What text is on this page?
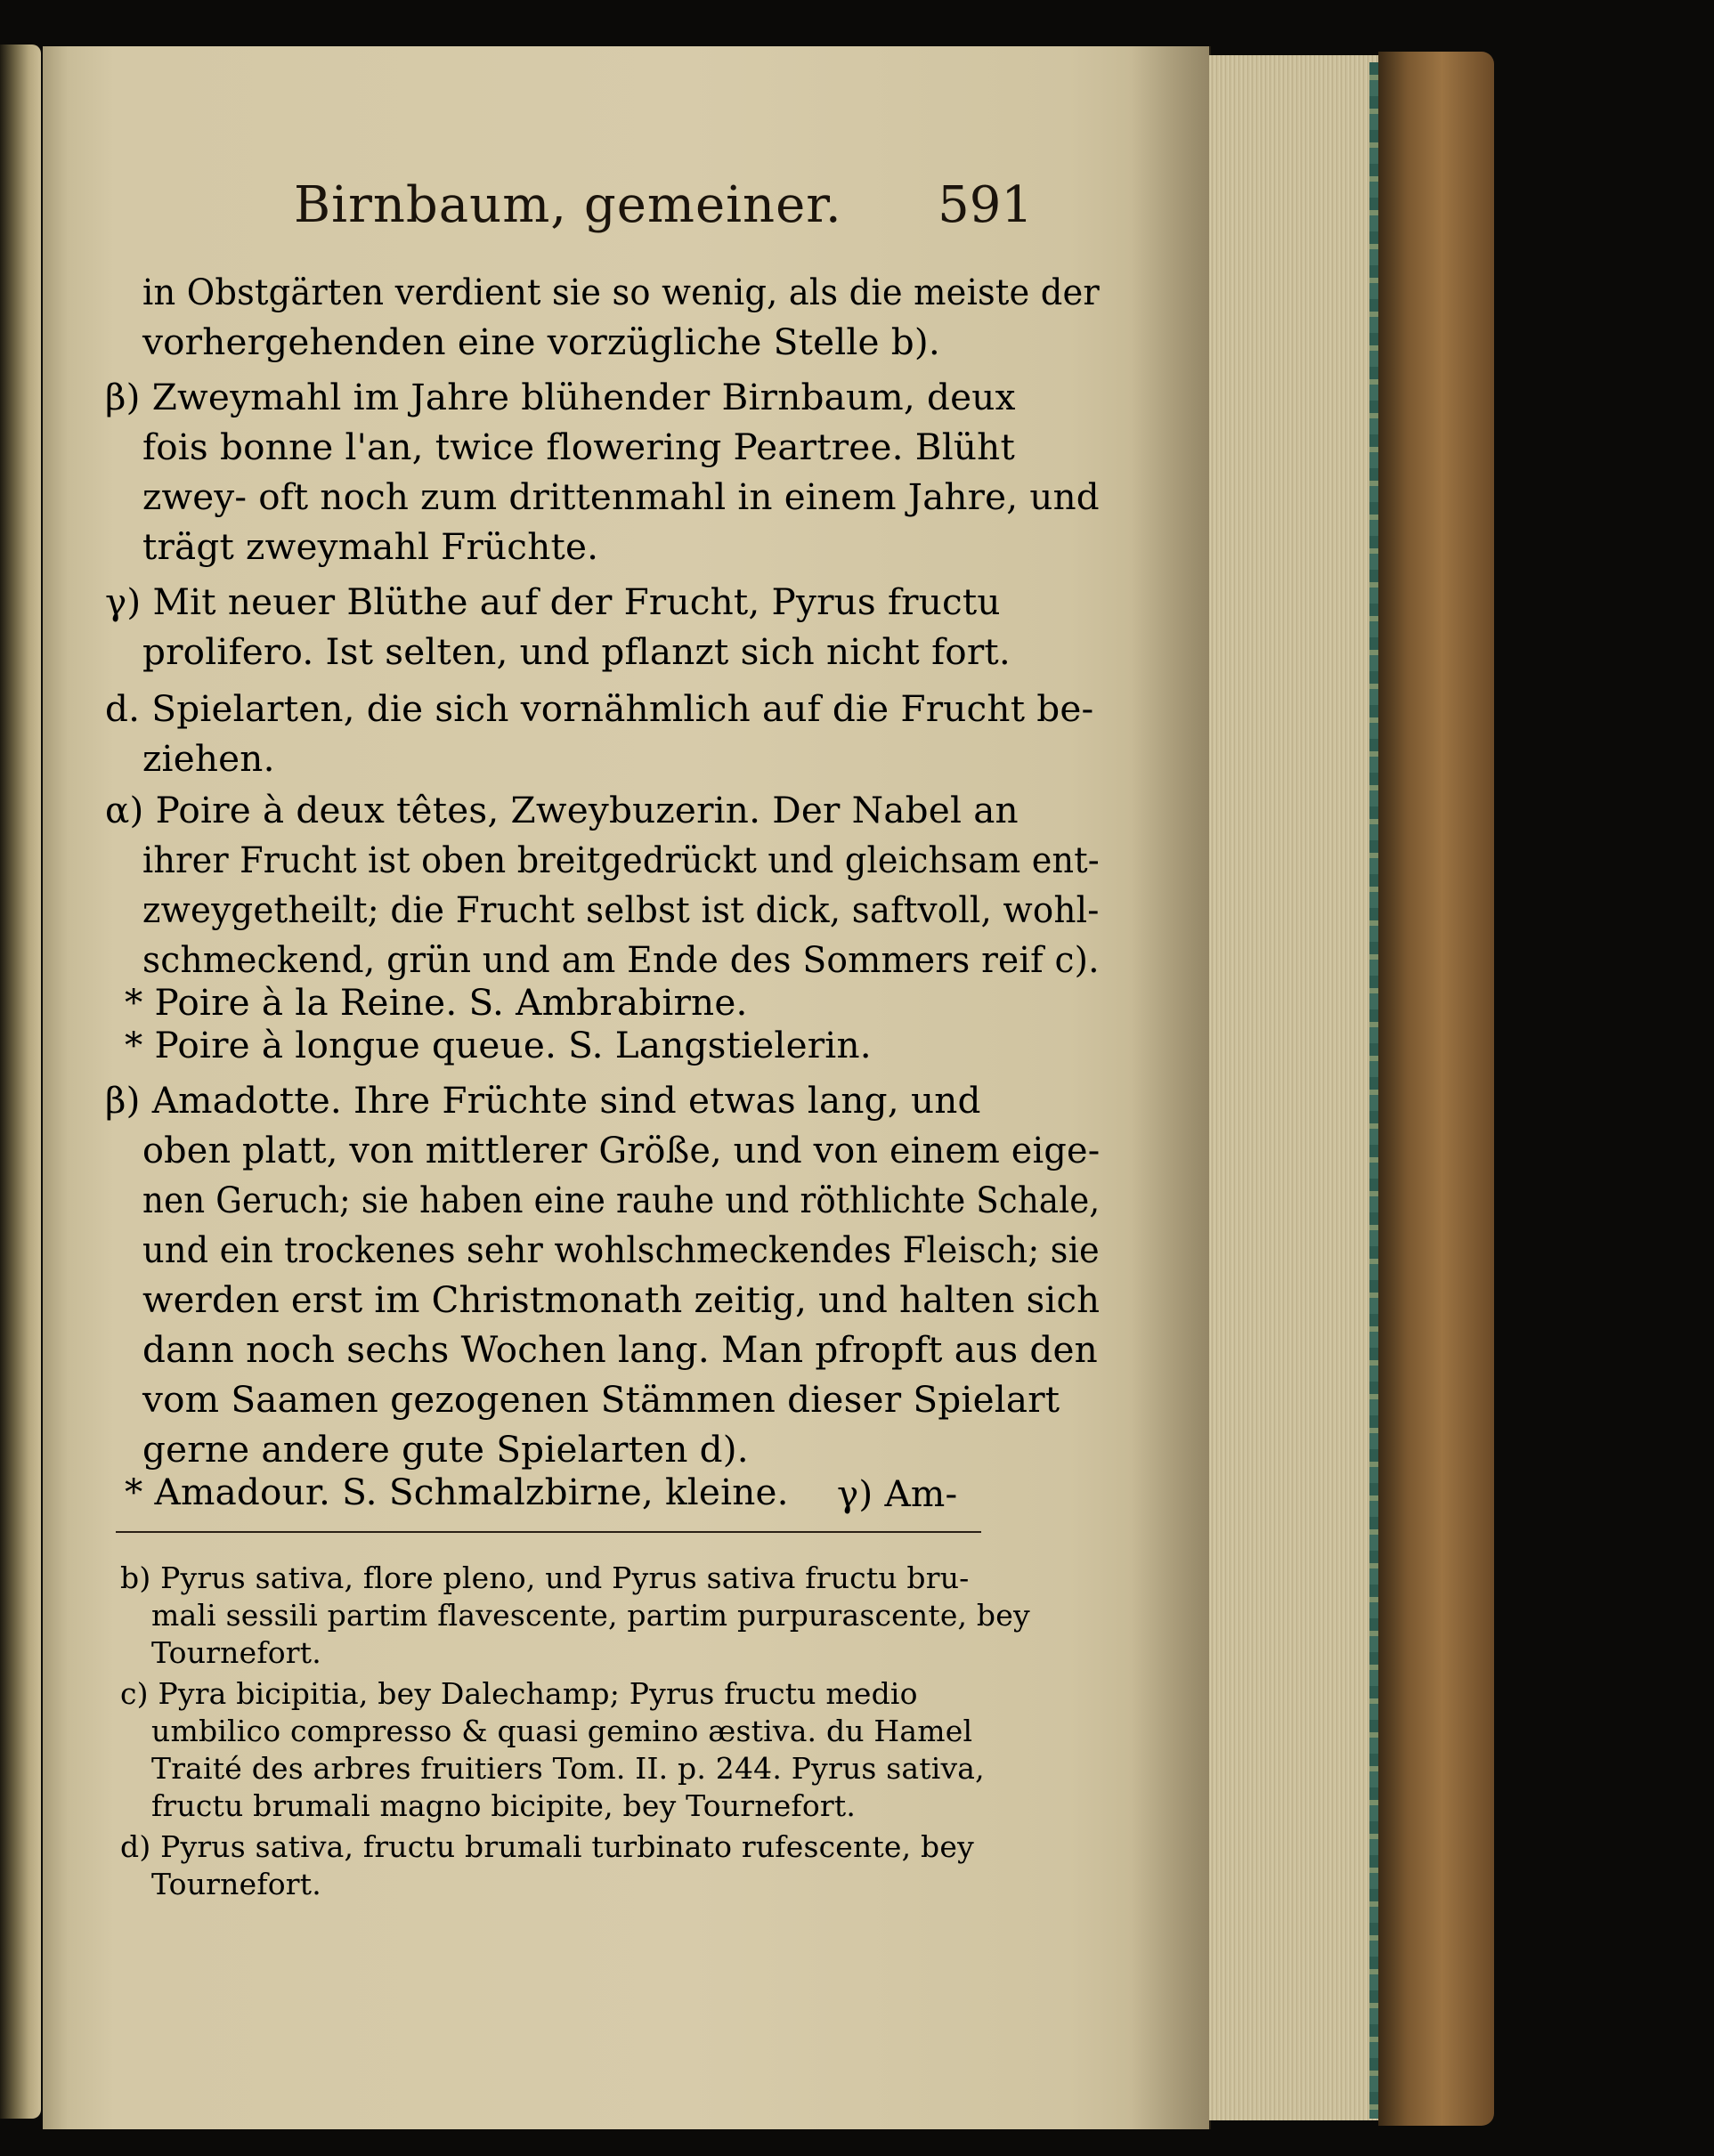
Birnbaum, gemeiner. 591
in Obstgärten verdient sie so wenig, als die meiste der
vorhergehenden eine vorzügliche Stelle b).
β) Zweymahl im Jahre blühender Birnbaum, deux
fois bonne l'an, twice flowering Peartree. Blüht
zwey- oft noch zum drittenmahl in einem Jahre, und
trägt zweymahl Früchte.
γ) Mit neuer Blüthe auf der Frucht, Pyrus fructu
prolifero. Ist selten, und pflanzt sich nicht fort.
d. Spielarten, die sich vornähmlich auf die Frucht be-
ziehen.
α) Poire à deux têtes, Zweybuzerin. Der Nabel an
ihrer Frucht ist oben breitgedrückt und gleichsam ent-
zweygetheilt; die Frucht selbst ist dick, saftvoll, wohl-
schmeckend, grün und am Ende des Sommers reif c).
* Poire à la Reine. S. Ambrabirne.
* Poire à longue queue. S. Langstielerin.
β) Amadotte. Ihre Früchte sind etwas lang, und
oben platt, von mittlerer Größe, und von einem eige-
nen Geruch; sie haben eine rauhe und röthlichte Schale,
und ein trockenes sehr wohlschmeckendes Fleisch; sie
werden erst im Christmonath zeitig, und halten sich
dann noch sechs Wochen lang. Man pfropft aus den
vom Saamen gezogenen Stämmen dieser Spielart
gerne andere gute Spielarten d).
* Amadour. S. Schmalzbirne, kleine. γ) Am-
b) Pyrus sativa, flore pleno, und Pyrus sativa fructu bru-
mali sessili partim flavescente, partim purpurascente, bey
Tournefort.
c) Pyra bicipitia, bey Dalechamp; Pyrus fructu medio
umbilico compresso & quasi gemino æstiva. du Hamel
Traité des arbres fruitiers Tom. II. p. 244. Pyrus sativa,
fructu brumali magno bicipite, bey Tournefort.
d) Pyrus sativa, fructu brumali turbinato rufescente, bey
Tournefort.
